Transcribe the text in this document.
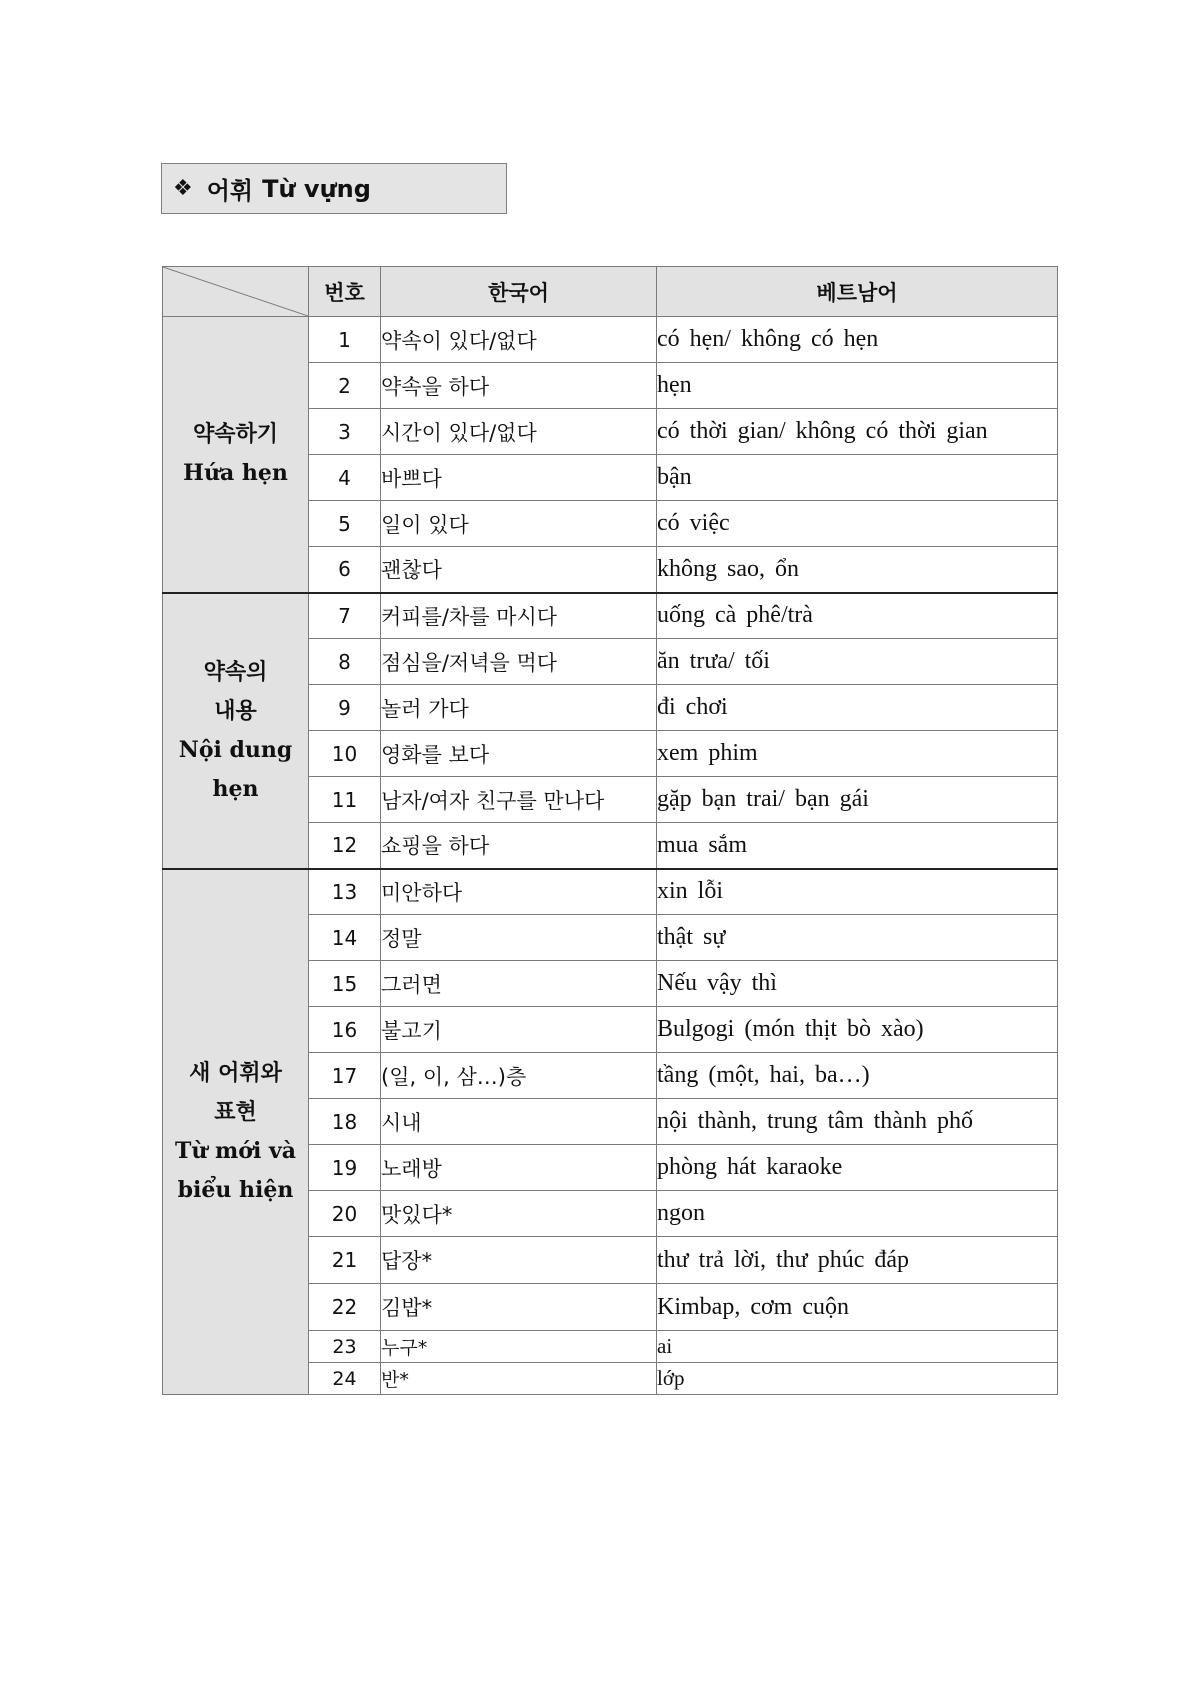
❖ 어휘 Từ vựng
	번호	한국어	베트남어

약속하기
Hứa hẹn	1	약속이 있다/없다	có hẹn/ không có hẹn
	2	약속을 하다	hẹn
	3	시간이 있다/없다	có thời gian/ không có thời gian
	4	바쁘다	bận
	5	일이 있다	có việc
	6	괜찮다	không sao, ổn

약속의
내용
Nội dung
hẹn	7	커피를/차를 마시다	uống cà phê/trà
	8	점심을/저녁을 먹다	ăn trưa/ tối
	9	놀러 가다	đi chơi
	10	영화를 보다	xem phim
	11	남자/여자 친구를 만나다	gặp bạn trai/ bạn gái
	12	쇼핑을 하다	mua sắm

새 어휘와
표현
Từ mới và
biểu hiện	13	미안하다	xin lỗi
	14	정말	thật sự
	15	그러면	Nếu vậy thì
	16	불고기	Bulgogi (món thịt bò xào)
	17	(일, 이, 삼…)층	tầng (một, hai, ba…)
	18	시내	nội thành, trung tâm thành phố
	19	노래방	phòng hát karaoke
	20	맛있다*	ngon
	21	답장*	thư trả lời, thư phúc đáp
	22	김밥*	Kimbap, cơm cuộn
	23	누구*	ai
	24	반*	lớp
